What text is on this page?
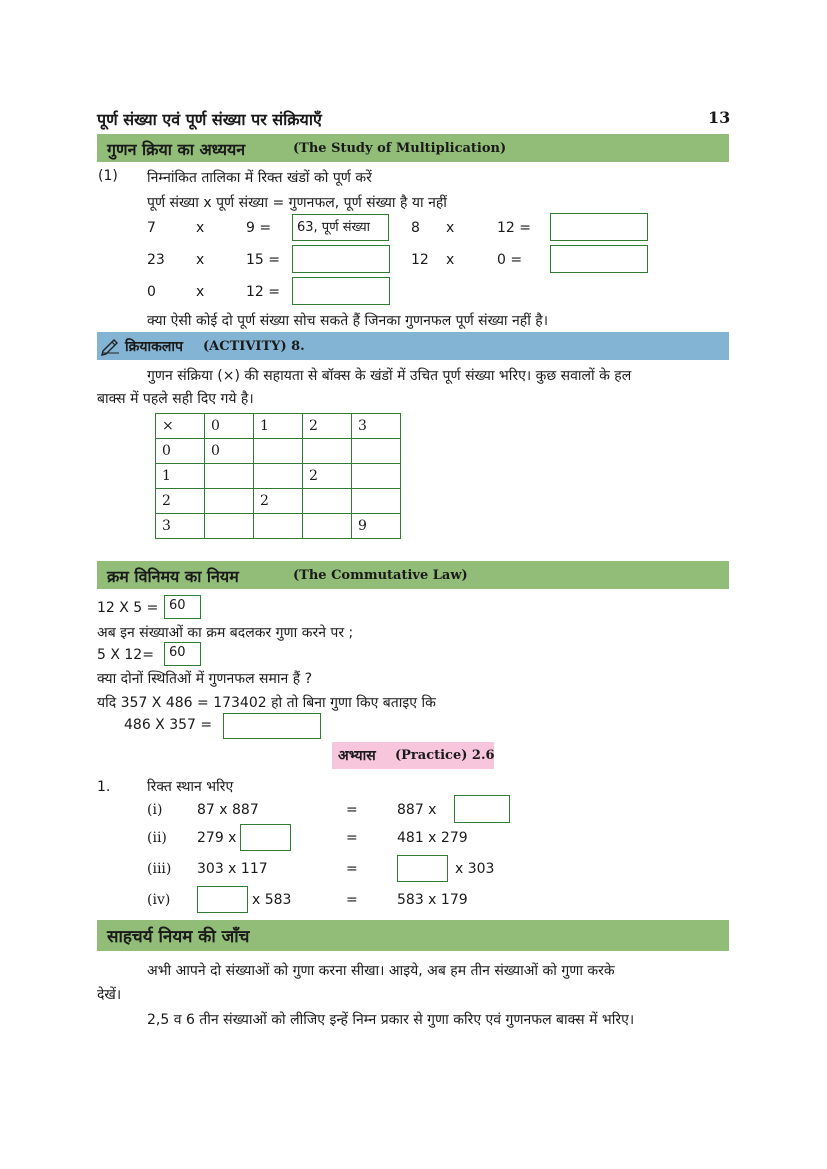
पूर्ण संख्या एवं पूर्ण संख्या पर संक्रियाएँ	13
गुणन क्रिया का अध्ययन	(The Study of Multiplication)
(1) निम्नांकित तालिका में रिक्त खंडों को पूर्ण करें
पूर्ण संख्या x पूर्ण संख्या = गुणनफल, पूर्ण संख्या है या नहीं
7	x	9 =	63, पूर्ण संख्या	8 x	12 =
23 x	15 =	12 x	0 =
0	x	12 =
क्या ऐसी कोई दो पूर्ण संख्या सोच सकते हैं जिनका गुणनफल पूर्ण संख्या नहीं है।
क्रियाकलाप (ACTIVITY) 8.
गुणन संक्रिया (×) की सहायता से बॉक्स के खंडों में उचित पूर्ण संख्या भरिए। कुछ सवालों के हल
बाक्स में पहले सही दिए गये है।
×	0	1	2	3
0	0			
1			2	
2		2		
3				9
क्रम विनिमय का नियम	(The Commutative Law)
12 X 5 = 60
अब इन संख्याओं का क्रम बदलकर गुणा करने पर ;
5 X 12=	60
क्या दोनों स्थितिओं में गुणनफल समान हैं ?
यदि 357 X 486 = 173402 हो तो बिना गुणा किए बताइए कि
486 X 357 =
अभ्यास (Practice) 2.6
1.	रिक्त स्थान भरिए
(i) 87 x 887	=	887 x
(ii) 279 x	=	481 x 279
(iii) 303 x 117	=	x 303
(iv)	x 583	=	583 x 179
साहचर्य नियम की जाँच
अभी आपने दो संख्याओं को गुणा करना सीखा। आइये, अब हम तीन संख्याओं को गुणा करके
देखें।
2,5 व 6 तीन संख्याओं को लीजिए इन्हें निम्न प्रकार से गुणा करिए एवं गुणनफल बाक्स में भरिए।
